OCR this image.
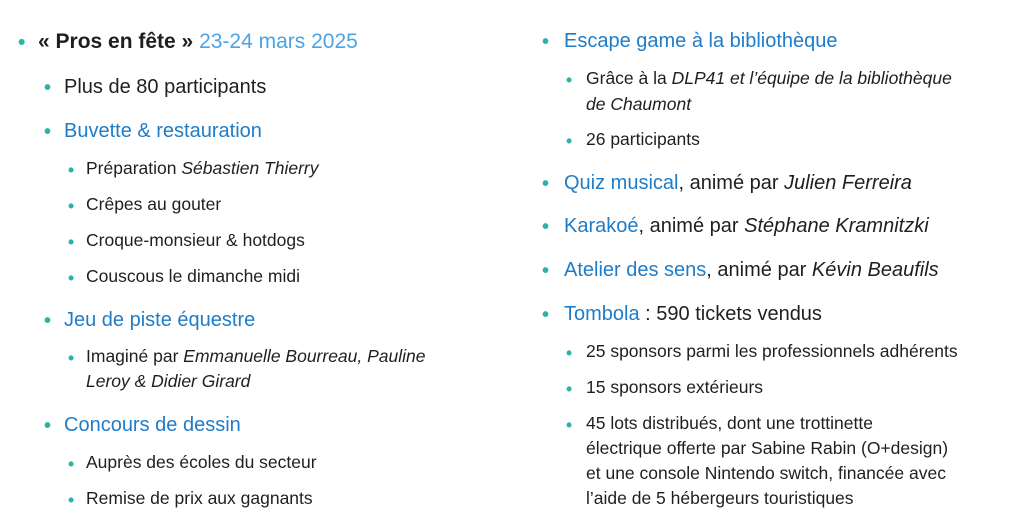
• « Pros en fête » 23-24 mars 2025
• Plus de 80 participants
• Buvette & restauration
• Préparation Sébastien Thierry
• Crêpes au gouter
• Croque-monsieur & hotdogs
• Couscous le dimanche midi
• Jeu de piste équestre
• Imaginé par Emmanuelle Bourreau, Pauline
Leroy & Didier Girard
• Concours de dessin
• Auprès des écoles du secteur
• Remise de prix aux gagnants
• Escape game à la bibliothèque
• Grâce à la DLP41 et l’équipe de la bibliothèque
de Chaumont
• 26 participants
• Quiz musical, animé par Julien Ferreira
• Karakoé, animé par Stéphane Kramnitzki
• Atelier des sens, animé par Kévin Beaufils
• Tombola : 590 tickets vendus
• 25 sponsors parmi les professionnels adhérents
• 15 sponsors extérieurs
• 45 lots distribués, dont une trottinette
électrique offerte par Sabine Rabin (O+design)
et une console Nintendo switch, financée avec
l’aide de 5 hébergeurs touristiques
